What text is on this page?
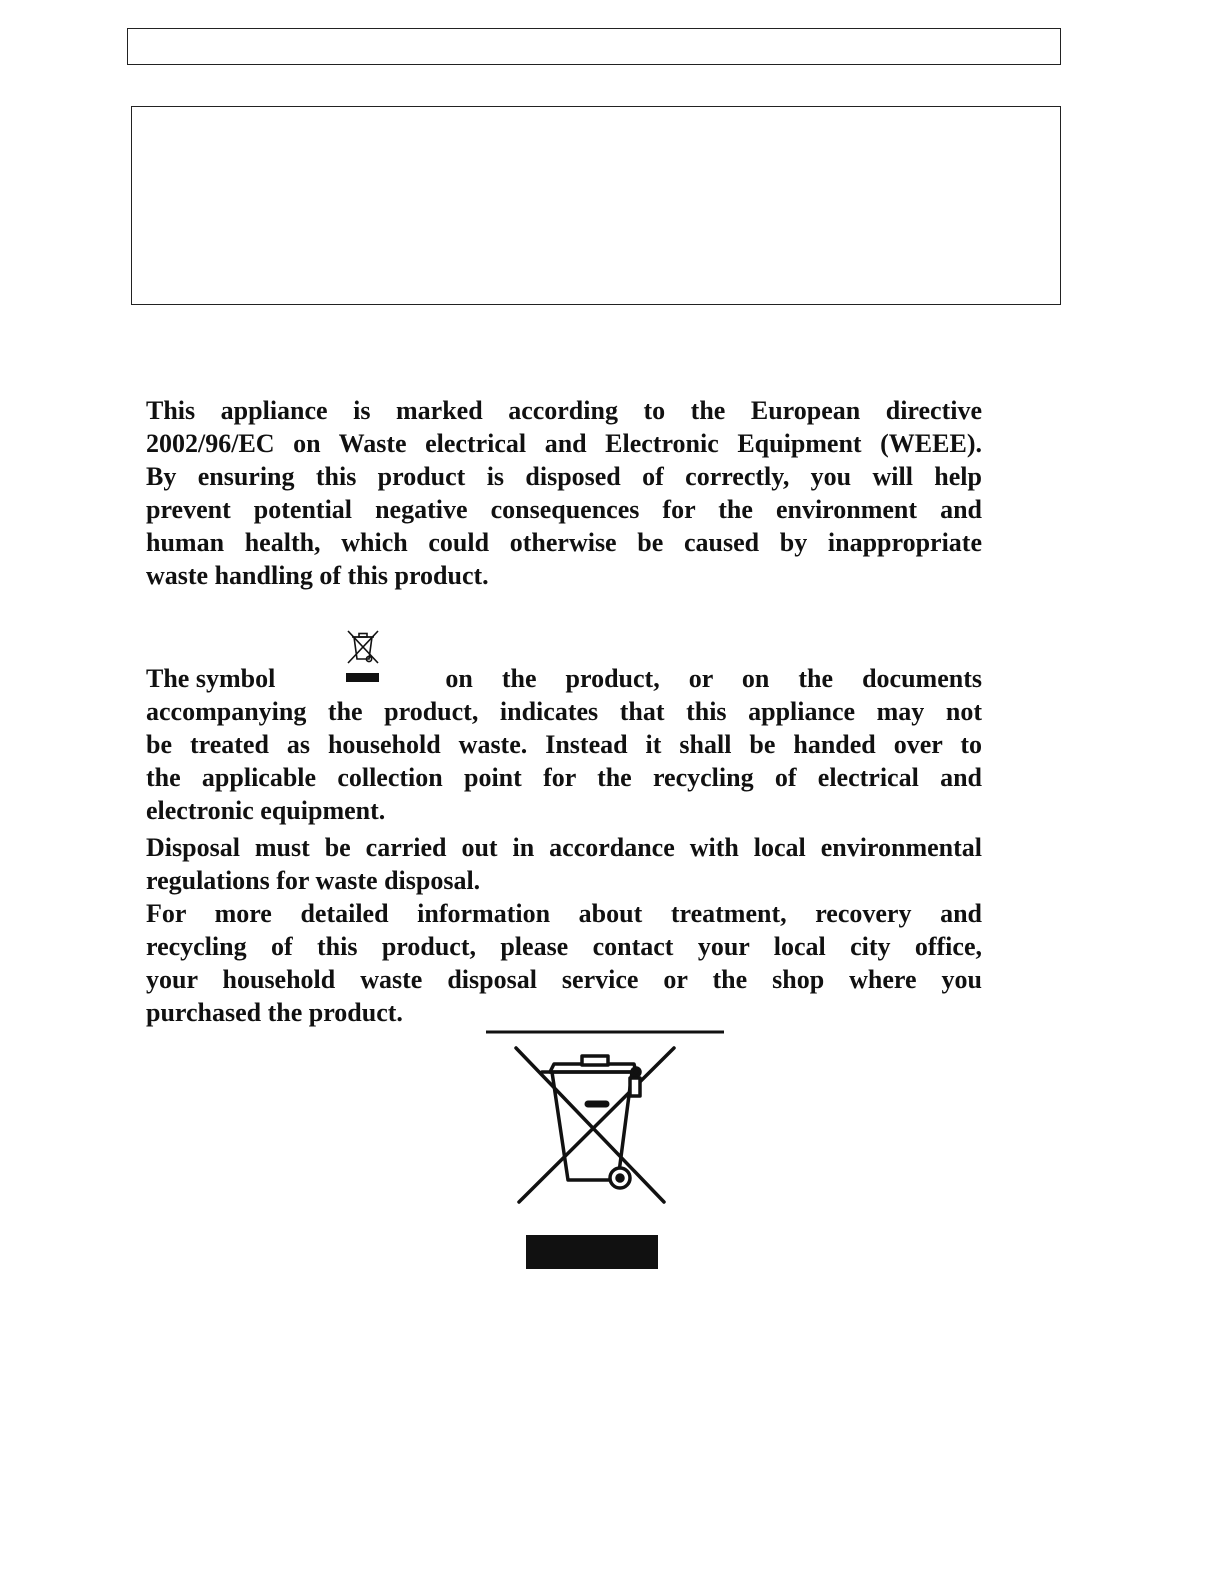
This appliance is marked according to the European directive
2002/96/EC on Waste electrical and Electronic Equipment (WEEE).
By ensuring this product is disposed of correctly, you will help
prevent potential negative consequences for the environment and
human health, which could otherwise be caused by inappropriate
waste handling of this product.
The symbol	on the product, or on the documents
accompanying the product, indicates that this appliance may not
be treated as household waste. Instead it shall be handed over to
the applicable collection point for the recycling of electrical and
electronic equipment.
Disposal must be carried out in accordance with local environmental
regulations for waste disposal.
For more detailed information about treatment, recovery and
recycling of this product, please contact your local city office,
your household waste disposal service or the shop where you
purchased the product.
